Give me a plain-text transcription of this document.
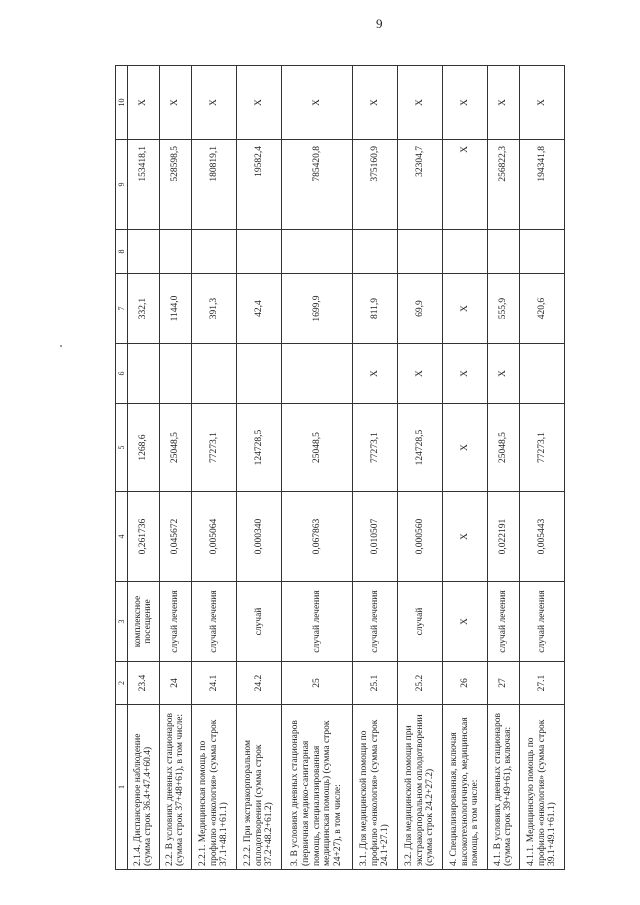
9
1	2	3	4	5	6	7	8	9	10
2.1.4. Диспансерное наблюдение (сумма строк 36.4+47.4+60.4)	23.4	комплексное посещение	0,261736	1268,6		332,1		153418,1	X
2.2. В условиях дневных стационаров (сумма строк 37+48+61), в том числе:	24	случай лечения	0,045672	25048,5		1144,0		528598,5	X
2.2.1. Медицинская помощь по профилю «онкология» (сумма строк 37.1+48.1+61.1)	24.1	случай лечения	0,005064	77273,1		391,3		180819,1	X
2.2.2. При экстракорпоральном оплодотворении (сумма строк 37.2+48.2+61.2)	24.2	случай	0,000340	124728,5		42,4		19582,4	X
3. В условиях дневных стационаров (первичная медико-санитарная помощь, специализированная медицинская помощь) (сумма строк 24+27), в том числе:	25	случай лечения	0,067863	25048,5		1699,9		785420,8	X
3.1. Для медицинской помощи по профилю «онкология» (сумма строк 24.1+27.1)	25.1	случай лечения	0,010507	77273,1	X	811,9		375160,9	X
3.2. Для медицинской помощи при экстракорпоральном оплодотворении (сумма строк 24.2+27.2)	25.2	случай	0,000560	124728,5	X	69,9		32304,7	X
4. Специализированная, включая высокотехнологичную, медицинская помощь, в том числе:	26	X	X	X	X	X		X	X
4.1. В условиях дневных стационаров (сумма строк 39+49+61), включая:	27	случай лечения	0,022191	25048,5	X	555,9		256822,3	X
4.1.1. Медицинскую помощь по профилю «онкология» (сумма строк 39.1+49.1+61.1)	27.1	случай лечения	0,005443	77273,1		420,6		194341,8	X
